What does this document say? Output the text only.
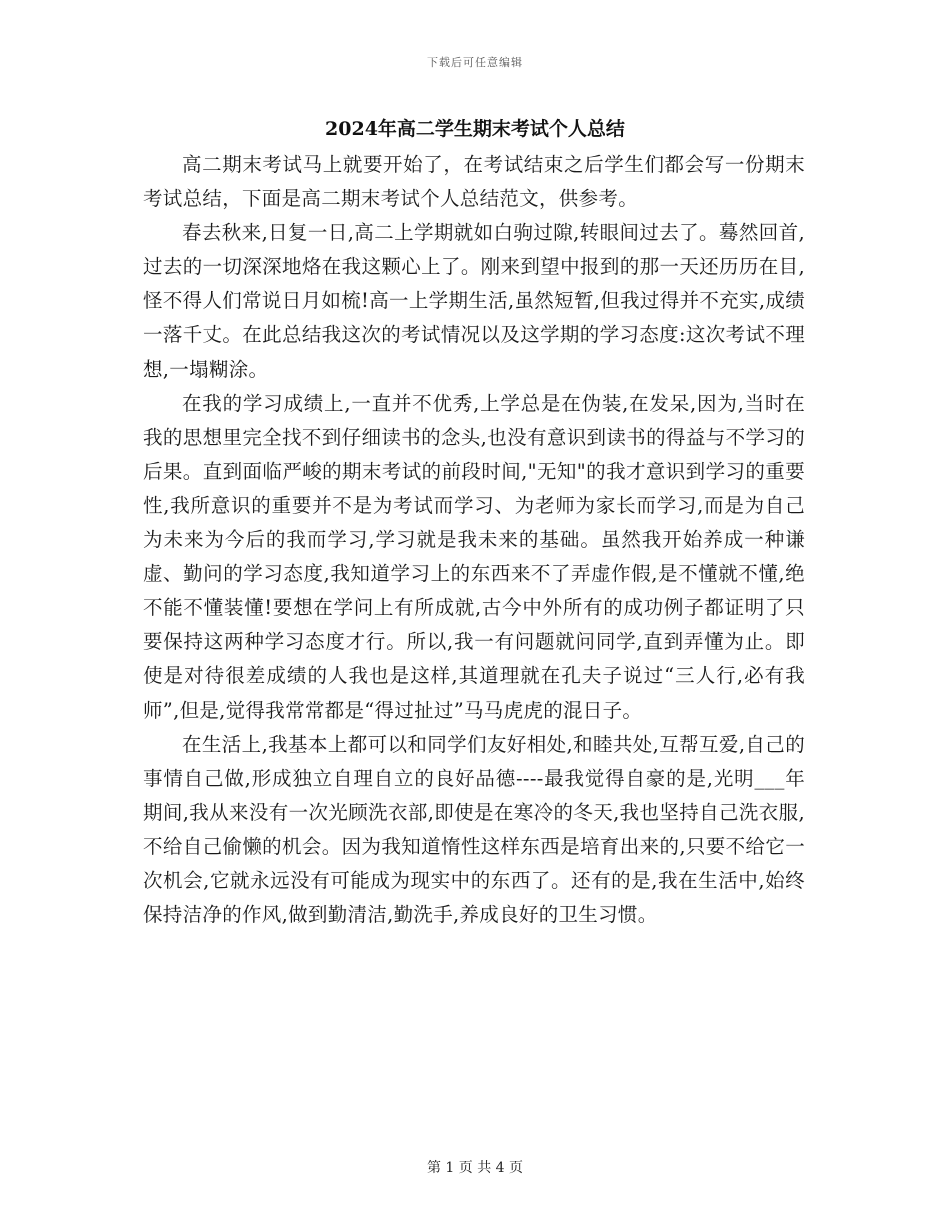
下载后可任意编辑
2024年高二学生期末考试个人总结

高二期末考试马上就要开始了，在考试结束之后学生们都会写一份期末考试总结，下面是高二期末考试个人总结范文，供参考。

春去秋来,日复一日,高二上学期就如白驹过隙,转眼间过去了。蓦然回首,过去的一切深深地烙在我这颗心上了。刚来到望中报到的那一天还历历在目,怪不得人们常说日月如梳!高一上学期生活,虽然短暂,但我过得并不充实,成绩一落千丈。在此总结我这次的考试情况以及这学期的学习态度:这次考试不理想,一塌糊涂。

在我的学习成绩上,一直并不优秀,上学总是在伪装,在发呆,因为,当时在我的思想里完全找不到仔细读书的念头,也没有意识到读书的得益与不学习的后果。直到面临严峻的期末考试的前段时间,"无知"的我才意识到学习的重要性,我所意识的重要并不是为考试而学习、为老师为家长而学习,而是为自己为未来为今后的我而学习,学习就是我未来的基础。虽然我开始养成一种谦虚、勤问的学习态度,我知道学习上的东西来不了弄虚作假,是不懂就不懂,绝不能不懂装懂!要想在学问上有所成就,古今中外所有的成功例子都证明了只要保持这两种学习态度才行。所以,我一有问题就问同学,直到弄懂为止。即使是对待很差成绩的人我也是这样,其道理就在孔夫子说过“三人行,必有我师”,但是,觉得我常常都是“得过扯过”马马虎虎的混日子。

在生活上,我基本上都可以和同学们友好相处,和睦共处,互帮互爱,自己的事情自己做,形成独立自理自立的良好品德----最我觉得自豪的是,光明___年期间,我从来没有一次光顾洗衣部,即使是在寒冷的冬天,我也坚持自己洗衣服,不给自己偷懒的机会。因为我知道惰性这样东西是培育出来的,只要不给它一次机会,它就永远没有可能成为现实中的东西了。还有的是,我在生活中,始终保持洁净的作风,做到勤清洁,勤洗手,养成良好的卫生习惯。

第 1 页 共 4 页
